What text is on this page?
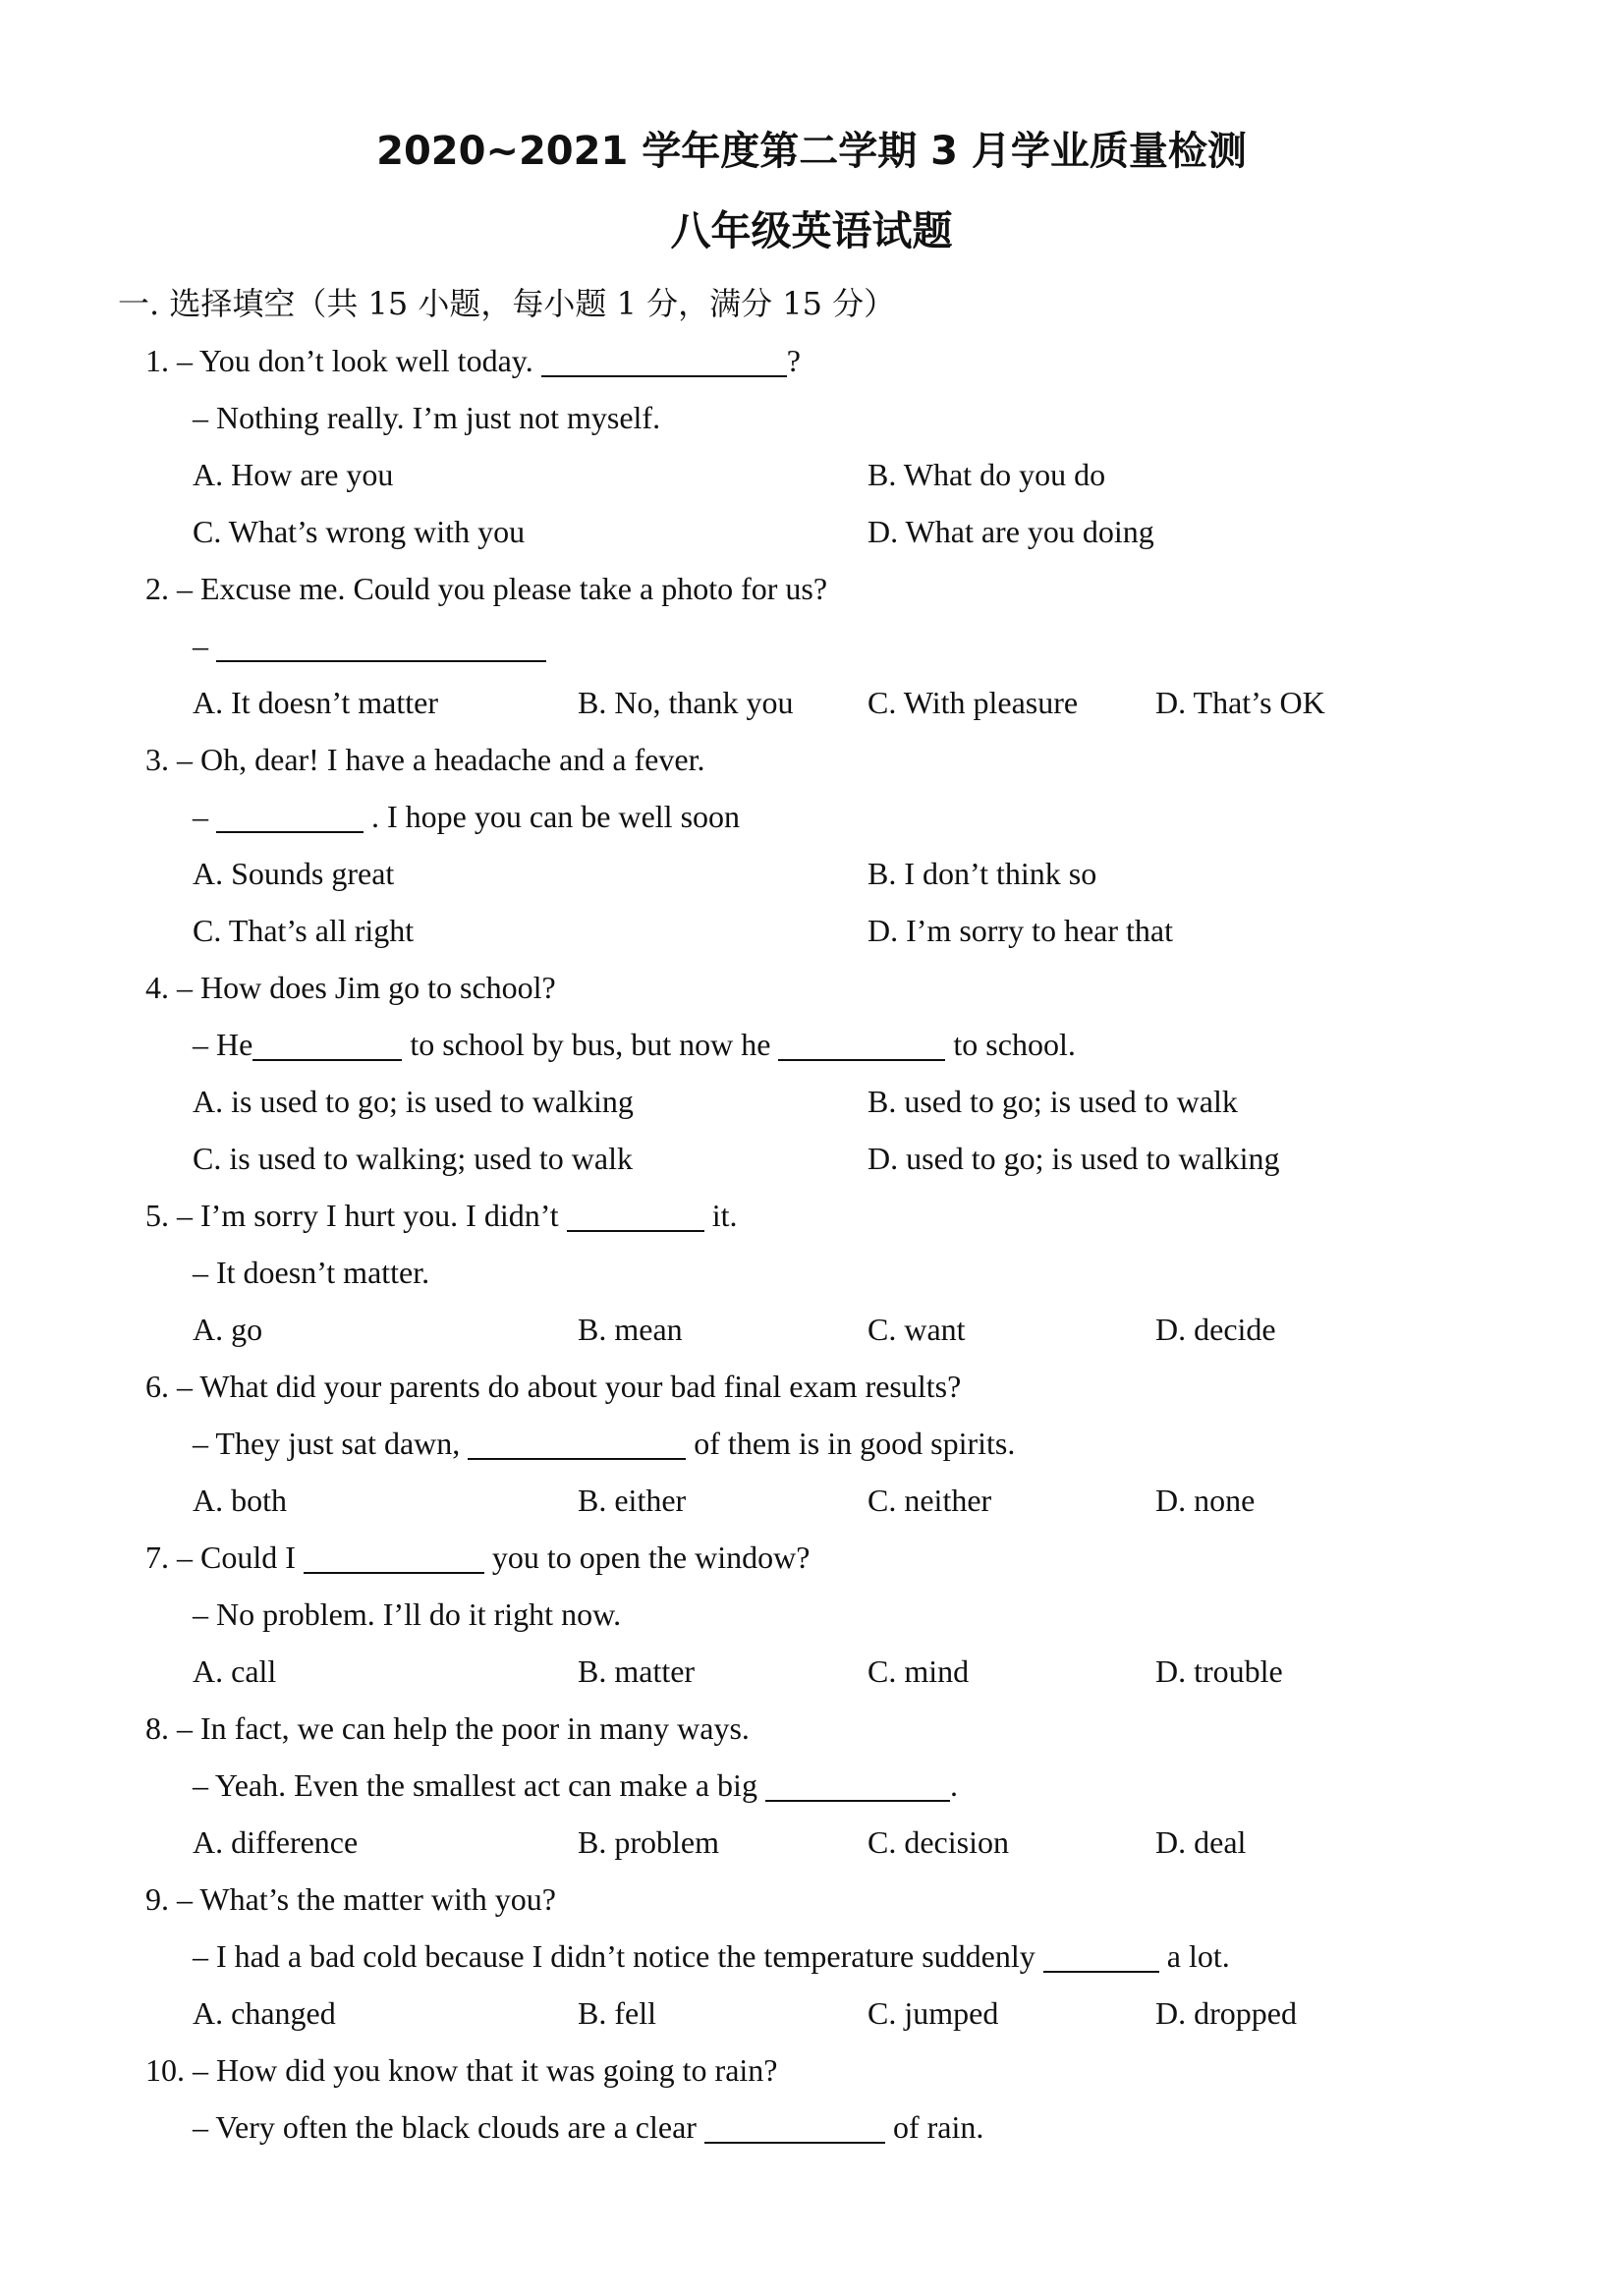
2020~2021 学年度第二学期 3 月学业质量检测
八年级英语试题
一. 选择填空（共 15 小题，每小题 1 分，满分 15 分）
1. – You don’t look well today.	?
– Nothing really. I’m just not myself.
A. How are you	B. What do you do
C. What’s wrong with you	D. What are you doing
2. – Excuse me. Could you please take a photo for us?
–
A. It doesn’t matter	B. No, thank you C. With pleasure D. That’s OK
3. – Oh, dear! I have a headache and a fever.
–	. I hope you can be well soon
A. Sounds great	B. I don’t think so
C. That’s all right	D. I’m sorry to hear that
4. – How does Jim go to school?
– He	to school by bus, but now he	to school.
A. is used to go; is used to walking	B. used to go; is used to walk
C. is used to walking; used to walk	D. used to go; is used to walking
5. – I’m sorry I hurt you. I didn’t	it.
– It doesn’t matter.
A. go	B. mean	C. want	D. decide
6. – What did your parents do about your bad final exam results?
– They just sat dawn,	of them is in good spirits.
A. both	B. either	C. neither	D. none
7. – Could I	you to open the window?
– No problem. I’ll do it right now.
A. call	B. matter	C. mind	D. trouble
8. – In fact, we can help the poor in many ways.
– Yeah. Even the smallest act can make a big	.
A. difference	B. problem	C. decision	D. deal
9. – What’s the matter with you?
– I had a bad cold because I didn’t notice the temperature suddenly	a lot.
A. changed	B. fell	C. jumped	D. dropped
10. – How did you know that it was going to rain?
– Very often the black clouds are a clear	of rain.
